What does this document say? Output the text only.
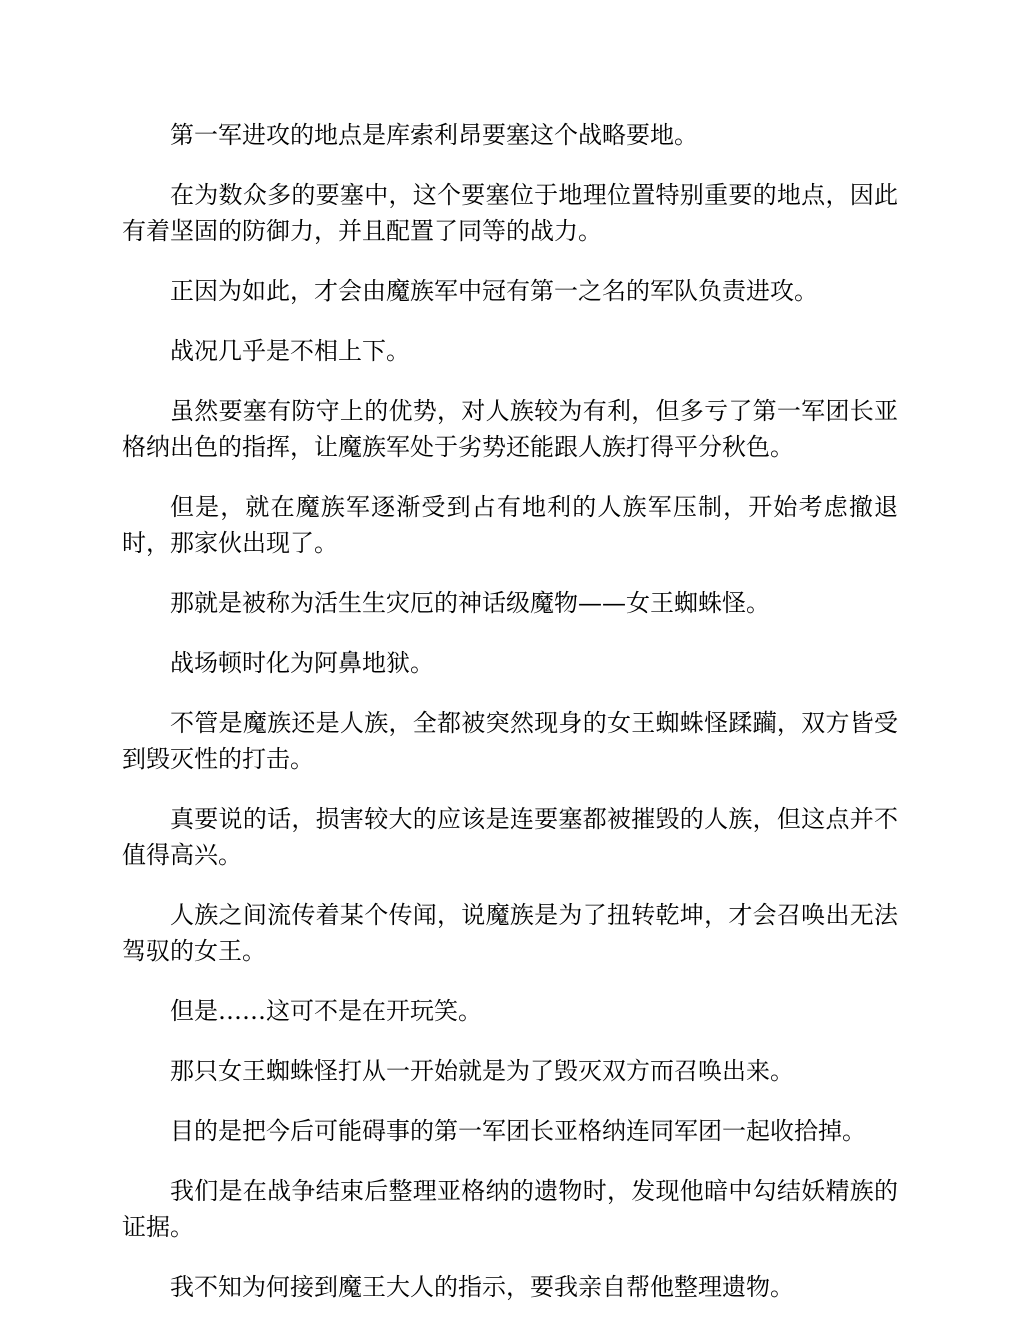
第一军进攻的地点是库索利昂要塞这个战略要地。

在为数众多的要塞中，这个要塞位于地理位置特别重要的地点，因此有着坚固的防御力，并且配置了同等的战力。

正因为如此，才会由魔族军中冠有第一之名的军队负责进攻。

战况几乎是不相上下。

虽然要塞有防守上的优势，对人族较为有利，但多亏了第一军团长亚格纳出色的指挥，让魔族军处于劣势还能跟人族打得平分秋色。

但是，就在魔族军逐渐受到占有地利的人族军压制，开始考虑撤退时，那家伙出现了。

那就是被称为活生生灾厄的神话级魔物——女王蜘蛛怪。

战场顿时化为阿鼻地狱。

不管是魔族还是人族，全都被突然现身的女王蜘蛛怪蹂躏，双方皆受到毁灭性的打击。

真要说的话，损害较大的应该是连要塞都被摧毁的人族，但这点并不值得高兴。

人族之间流传着某个传闻，说魔族是为了扭转乾坤，才会召唤出无法驾驭的女王。

但是……这可不是在开玩笑。

那只女王蜘蛛怪打从一开始就是为了毁灭双方而召唤出来。

目的是把今后可能碍事的第一军团长亚格纳连同军团一起收拾掉。

我们是在战争结束后整理亚格纳的遗物时，发现他暗中勾结妖精族的证据。

我不知为何接到魔王大人的指示，要我亲自帮他整理遗物。
